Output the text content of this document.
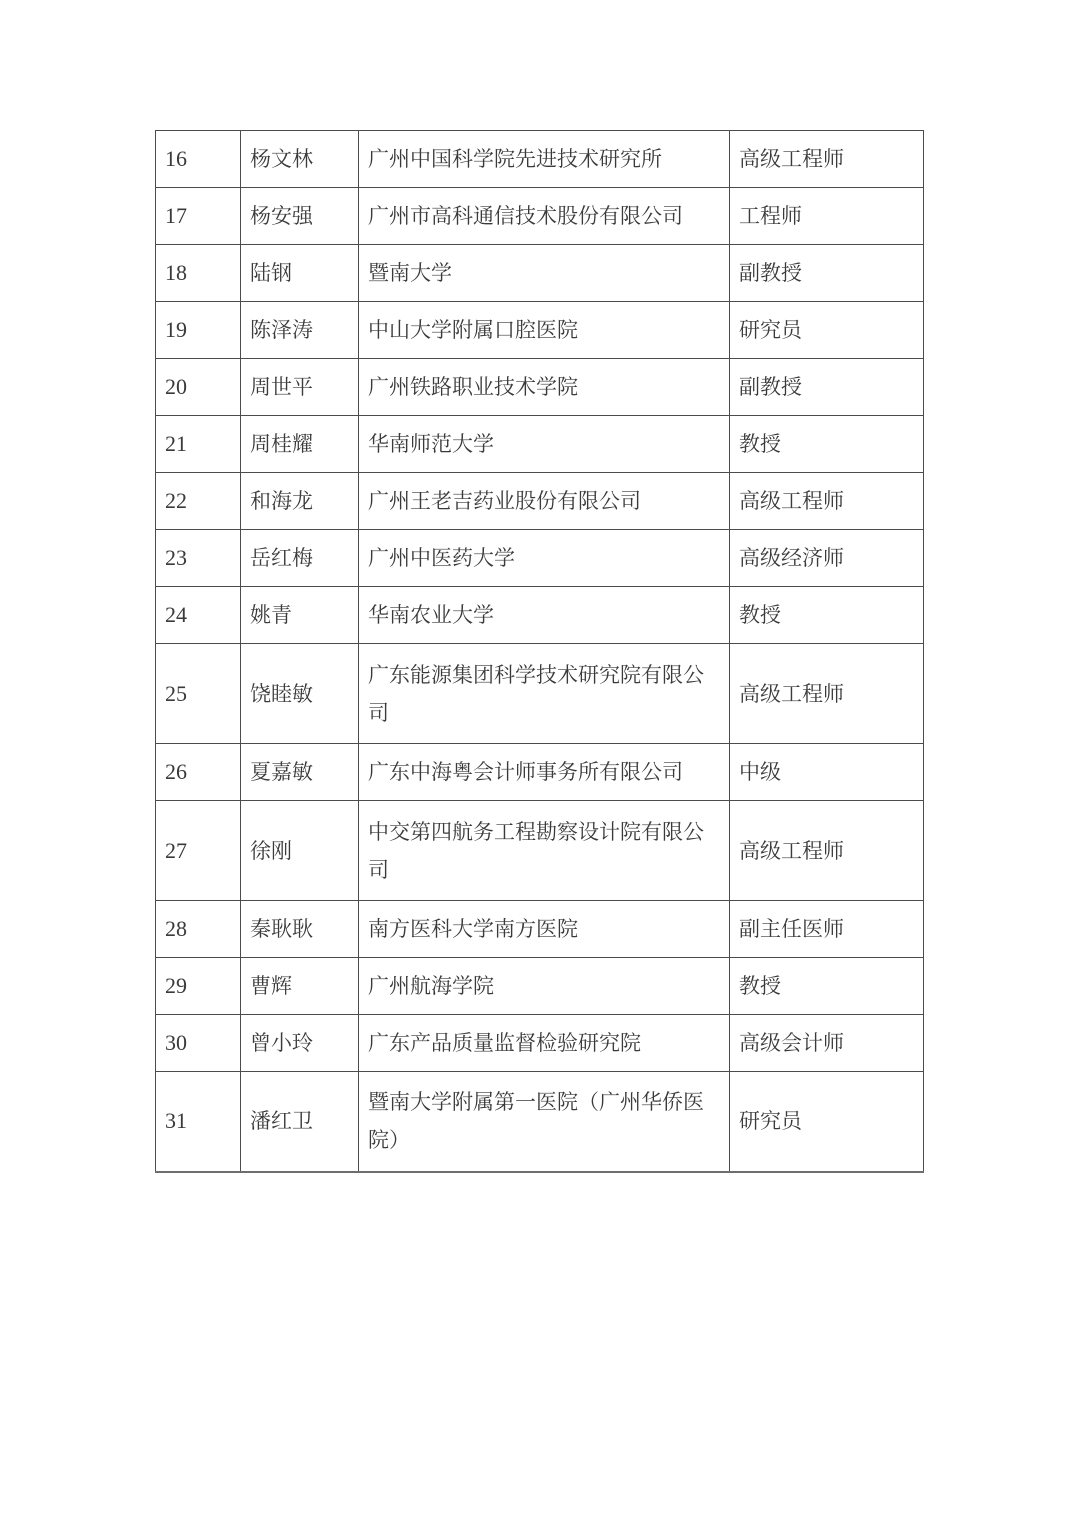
16	杨文林	广州中国科学院先进技术研究所	高级工程师
17	杨安强	广州市高科通信技术股份有限公司	工程师
18	陆钢	暨南大学	副教授
19	陈泽涛	中山大学附属口腔医院	研究员
20	周世平	广州铁路职业技术学院	副教授
21	周桂耀	华南师范大学	教授
22	和海龙	广州王老吉药业股份有限公司	高级工程师
23	岳红梅	广州中医药大学	高级经济师
24	姚青	华南农业大学	教授
25	饶睦敏	广东能源集团科学技术研究院有限公司	高级工程师
26	夏嘉敏	广东中海粤会计师事务所有限公司	中级
27	徐刚	中交第四航务工程勘察设计院有限公司	高级工程师
28	秦耿耿	南方医科大学南方医院	副主任医师
29	曹辉	广州航海学院	教授
30	曾小玲	广东产品质量监督检验研究院	高级会计师
31	潘红卫	暨南大学附属第一医院（广州华侨医院）	研究员
